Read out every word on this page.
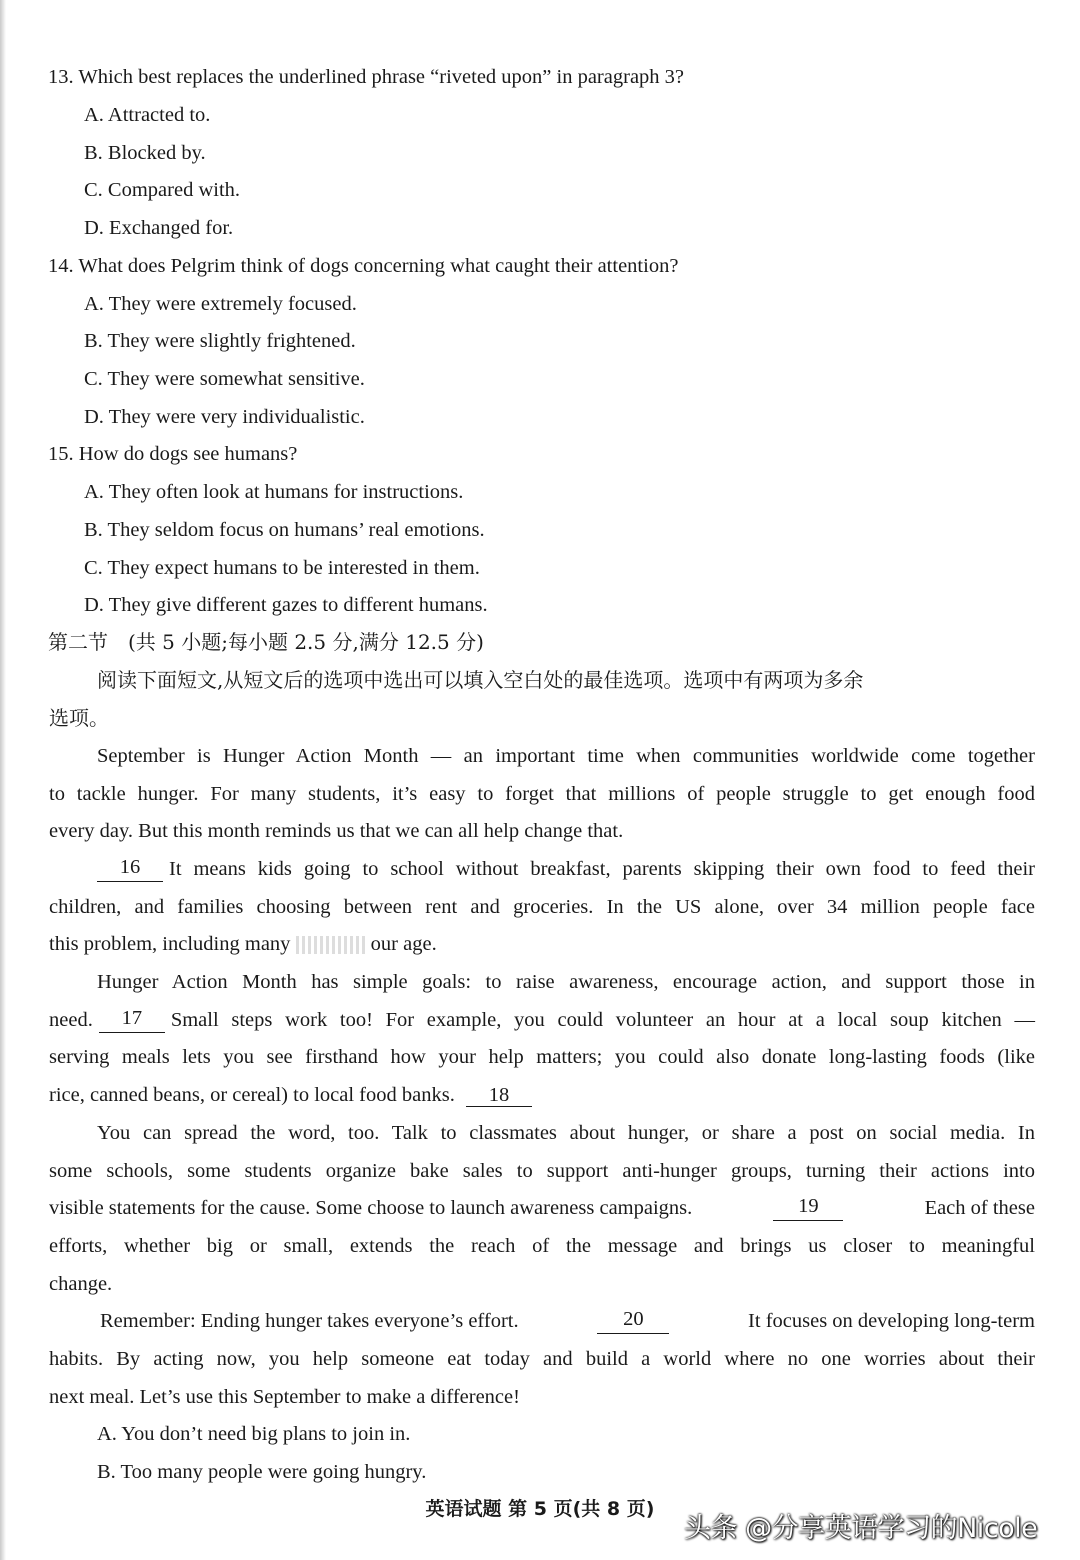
13. Which best replaces the underlined phrase “riveted upon” in paragraph 3?
A. Attracted to.
B. Blocked by.
C. Compared with.
D. Exchanged for.
14. What does Pelgrim think of dogs concerning what caught their attention?
A. They were extremely focused.
B. They were slightly frightened.
C. They were somewhat sensitive.
D. They were very individualistic.
15. How do dogs see humans?
A. They often look at humans for instructions.
B. They seldom focus on humans’ real emotions.
C. They expect humans to be interested in them.
D. They give different gazes to different humans.
第二节　(共 5 小题;每小题 2.5 分,满分 12.5 分)
阅读下面短文,从短文后的选项中选出可以填入空白处的最佳选项。选项中有两项为多余
选项。
September is Hunger Action Month — an important time when communities worldwide come together
to tackle hunger. For many students, it’s easy to forget that millions of people struggle to get enough food
every day. But this month reminds us that we can all help change that.
16	It means kids going to school without breakfast, parents skipping their own food to feed their
children, and families choosing between rent and groceries. In the US alone, over 34 million people face
this problem, including many	our age.
Hunger Action Month has simple goals: to raise awareness, encourage action, and support those in
need.	17	Small steps work too! For example, you could volunteer an hour at a local soup kitchen —
serving meals lets you see firsthand how your help matters; you could also donate long-lasting foods (like
rice, canned beans, or cereal) to local food banks. 18
You can spread the word, too. Talk to classmates about hunger, or share a post on social media. In
some schools, some students organize bake sales to support anti-hunger groups, turning their actions into
visible statements for the cause. Some choose to launch awareness campaigns.	19	Each of these
efforts, whether big or small, extends the reach of the message and brings us closer to meaningful
change.
Remember: Ending hunger takes everyone’s effort.	20	It focuses on developing long-term
habits. By acting now, you help someone eat today and build a world where no one worries about their
next meal. Let’s use this September to make a difference!
A. You don’t need big plans to join in.
B. Too many people were going hungry.
英语试题 第 5 页(共 8 页)
头条 @分享英语学习的Nicole
